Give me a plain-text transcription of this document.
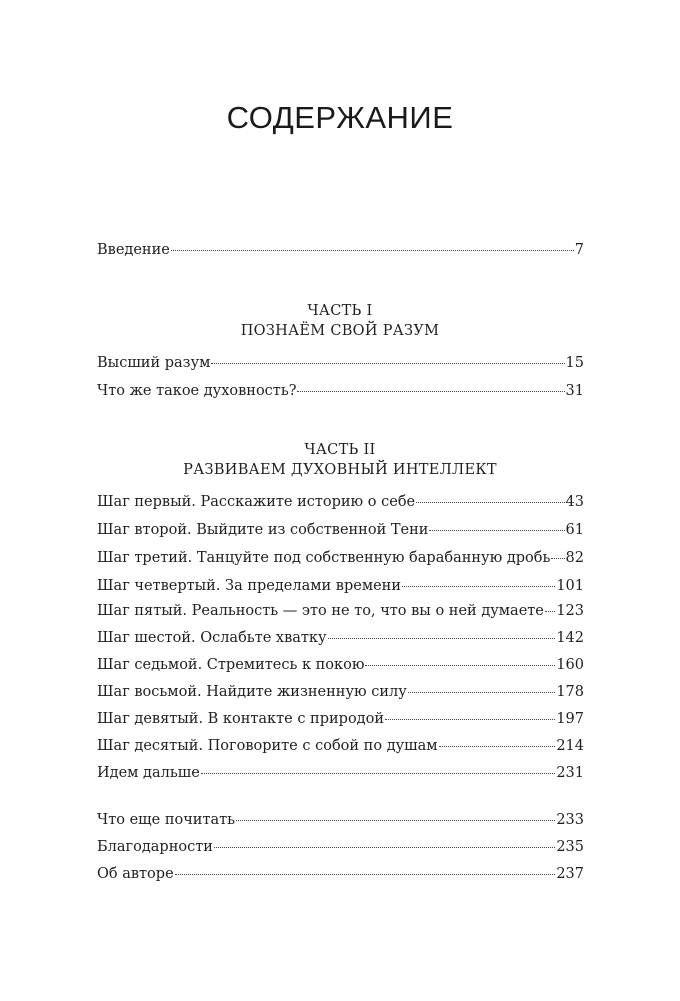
СОДЕРЖАНИЕ
Введение	7
ЧАСТЬ I
ПОЗНАЁМ СВОЙ РАЗУМ
Высший разум	15
Что же такое духовность?	31
ЧАСТЬ II
РАЗВИВАЕМ ДУХОВНЫЙ ИНТЕЛЛЕКТ
Шаг первый. Расскажите историю о себе	43
Шаг второй. Выйдите из собственной Тени	61
Шаг третий. Танцуйте под собственную барабанную дробь 82
Шаг четвертый. За пределами времени	101
Шаг пятый. Реальность — это не то, что вы о ней думаете 123
Шаг шестой. Ослабьте хватку	142
Шаг седьмой. Стремитесь к покою	160
Шаг восьмой. Найдите жизненную силу	178
Шаг девятый. В контакте с природой	197
Шаг десятый. Поговорите с собой по душам	214
Идем дальше	231
Что еще почитать	233
Благодарности	235
Об авторе	237
